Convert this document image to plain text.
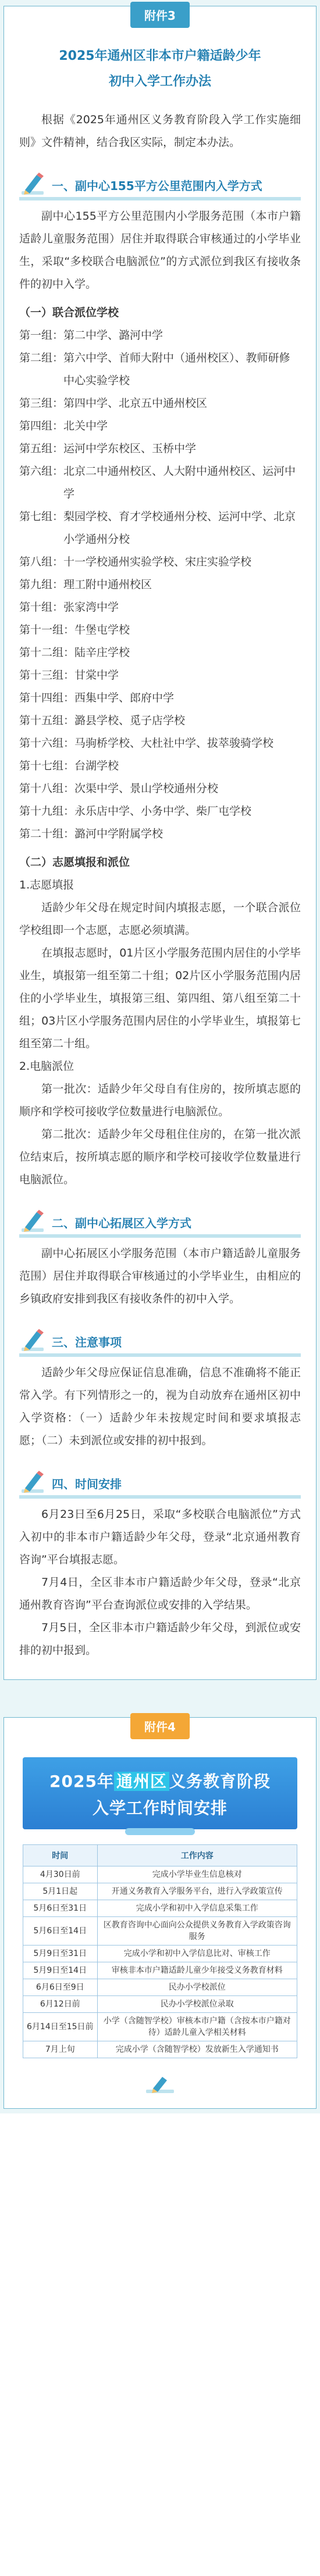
附件3
2025年通州区非本市户籍适龄少年
初中入学工作办法

根据《2025年通州区义务教育阶段入学工作实施细则》文件精神，结合我区实际，制定本办法。

一、副中心155平方公里范围内入学方式

副中心155平方公里范围内小学服务范围（本市户籍适龄儿童服务范围）居住并取得联合审核通过的小学毕业生，采取“多校联合电脑派位”的方式派位到我区有接收条件的初中入学。

（一）联合派位学校
第一组： 第二中学、潞河中学
第二组： 第六中学、首师大附中（通州校区）、教师研修中心实验学校
第三组： 第四中学、北京五中通州校区
第四组： 北关中学
第五组： 运河中学东校区、玉桥中学
第六组： 北京二中通州校区、人大附中通州校区、运河中学
第七组： 梨园学校、育才学校通州分校、运河中学、北京小学通州分校
第八组： 十一学校通州实验学校、宋庄实验学校
第九组： 理工附中通州校区
第十组： 张家湾中学
第十一组： 牛堡屯学校
第十二组： 陆辛庄学校
第十三组： 甘棠中学
第十四组： 西集中学、郎府中学
第十五组： 潞县学校、觅子店学校
第十六组： 马驹桥学校、大杜社中学、拔萃骏骑学校
第十七组： 台湖学校
第十八组： 次渠中学、景山学校通州分校
第十九组： 永乐店中学、小务中学、柴厂屯学校
第二十组： 潞河中学附属学校
（二）志愿填报和派位

1.志愿填报

适龄少年父母在规定时间内填报志愿，一个联合派位学校组即一个志愿，志愿必须填满。

在填报志愿时，01片区小学服务范围内居住的小学毕业生，填报第一组至第二十组；02片区小学服务范围内居住的小学毕业生，填报第三组、第四组、第八组至第二十组；03片区小学服务范围内居住的小学毕业生，填报第七组至第二十组。

2.电脑派位

第一批次：适龄少年父母自有住房的，按所填志愿的顺序和学校可接收学位数量进行电脑派位。

第二批次：适龄少年父母租住住房的，在第一批次派位结束后，按所填志愿的顺序和学校可接收学位数量进行电脑派位。

二、副中心拓展区入学方式

副中心拓展区小学服务范围（本市户籍适龄儿童服务范围）居住并取得联合审核通过的小学毕业生，由相应的乡镇政府安排到我区有接收条件的初中入学。

三、注意事项

适龄少年父母应保证信息准确，信息不准确将不能正常入学。有下列情形之一的，视为自动放弃在通州区初中入学资格：（一）适龄少年未按规定时间和要求填报志愿；（二）未到派位或安排的初中报到。

四、时间安排

6月23日至6月25日，采取“多校联合电脑派位”方式入初中的非本市户籍适龄少年父母，登录“北京通州教育咨询”平台填报志愿。

7月4日，全区非本市户籍适龄少年父母，登录“北京通州教育咨询”平台查询派位或安排的入学结果。

7月5日，全区非本市户籍适龄少年父母，到派位或安排的初中报到。

附件4
2025年 通州区 义务教育阶段
入学工作时间安排
时间	工作内容
4月30日前	完成小学毕业生信息核对
5月1日起	开通义务教育入学服务平台，进行入学政策宣传
5月6日至31日	完成小学和初中入学信息采集工作
5月6日至14日	区教育咨询中心面向公众提供义务教育入学政策咨询服务
5月9日至31日	完成小学和初中入学信息比对、审核工作
5月9日至14日	审核非本市户籍适龄儿童少年接受义务教育材料
6月6日至9日	民办小学校派位
6月12日前	民办小学校派位录取
6月14日至15日前	小学（含随智学校）审核本市户籍（含按本市户籍对待）适龄儿童入学相关材料
7月上旬	完成小学（含随智学校）发放新生入学通知书
